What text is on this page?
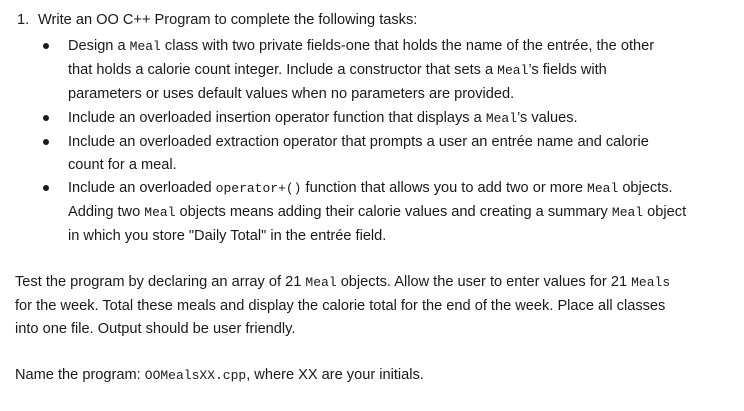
1. Write an OO C++ Program to complete the following tasks:
Design a Meal class with two private fields-one that holds the name of the entrée, the other
that holds a calorie count integer. Include a constructor that sets a Meal’s fields with
parameters or uses default values when no parameters are provided.
Include an overloaded insertion operator function that displays a Meal’s values.
Include an overloaded extraction operator that prompts a user an entrée name and calorie
count for a meal.
Include an overloaded operator+() function that allows you to add two or more Meal objects.
Adding two Meal objects means adding their calorie values and creating a summary Meal object
in which you store "Daily Total" in the entrée field.
Test the program by declaring an array of 21 Meal objects. Allow the user to enter values for 21 Meals
for the week. Total these meals and display the calorie total for the end of the week. Place all classes
into one file. Output should be user friendly.
Name the program: OOMealsXX.cpp, where XX are your initials.
